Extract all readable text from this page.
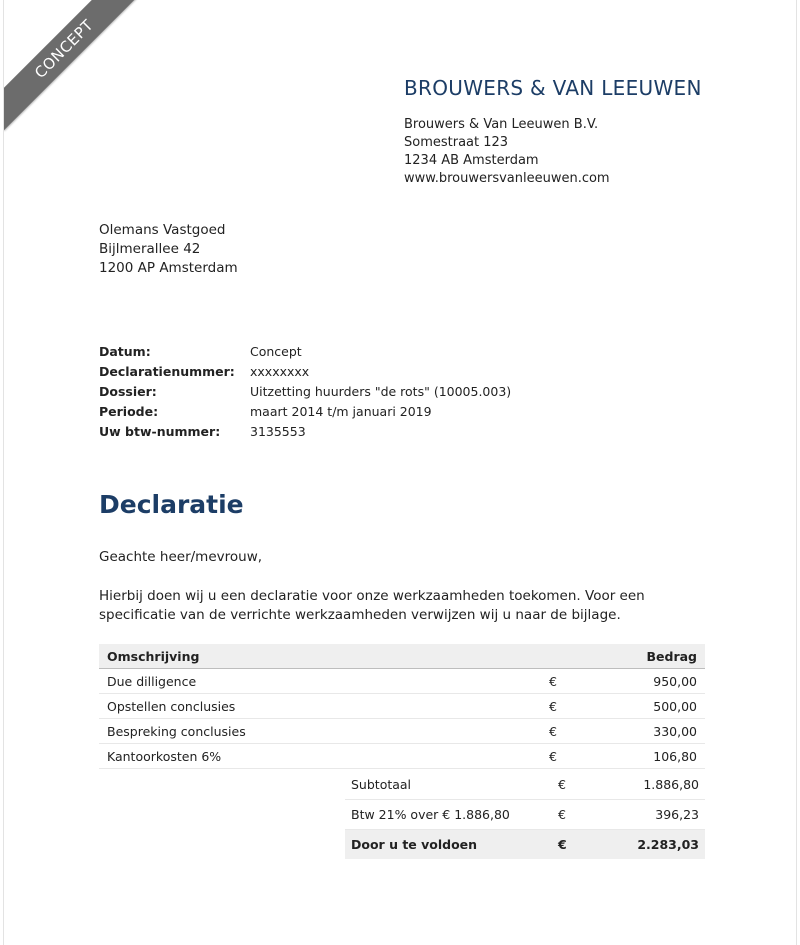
CONCEPT
BROUWERS & VAN LEEUWEN
Brouwers & Van Leeuwen B.V.
Somestraat 123
1234 AB Amsterdam
www.brouwersvanleeuwen.com
Olemans Vastgoed
Bijlmerallee 42
1200 AP Amsterdam
Datum:	Concept
Declaratienummer:	xxxxxxxx
Dossier:	Uitzetting huurders "de rots" (10005.003)
Periode:	maart 2014 t/m januari 2019
Uw btw-nummer:	3135553
Declaratie
Geachte heer/mevrouw,
Hierbij doen wij u een declaratie voor onze werkzaamheden toekomen. Voor een specificatie van de verrichte werkzaamheden verwijzen wij u naar de bijlage.
Omschrijving		Bedrag
Due dilligence	€	950,00
Opstellen conclusies	€	500,00
Bespreking conclusies	€	330,00
Kantoorkosten 6%	€	106,80
Subtotaal	€	1.886,80
Btw 21% over € 1.886,80	€	396,23
Door u te voldoen	€	2.283,03
